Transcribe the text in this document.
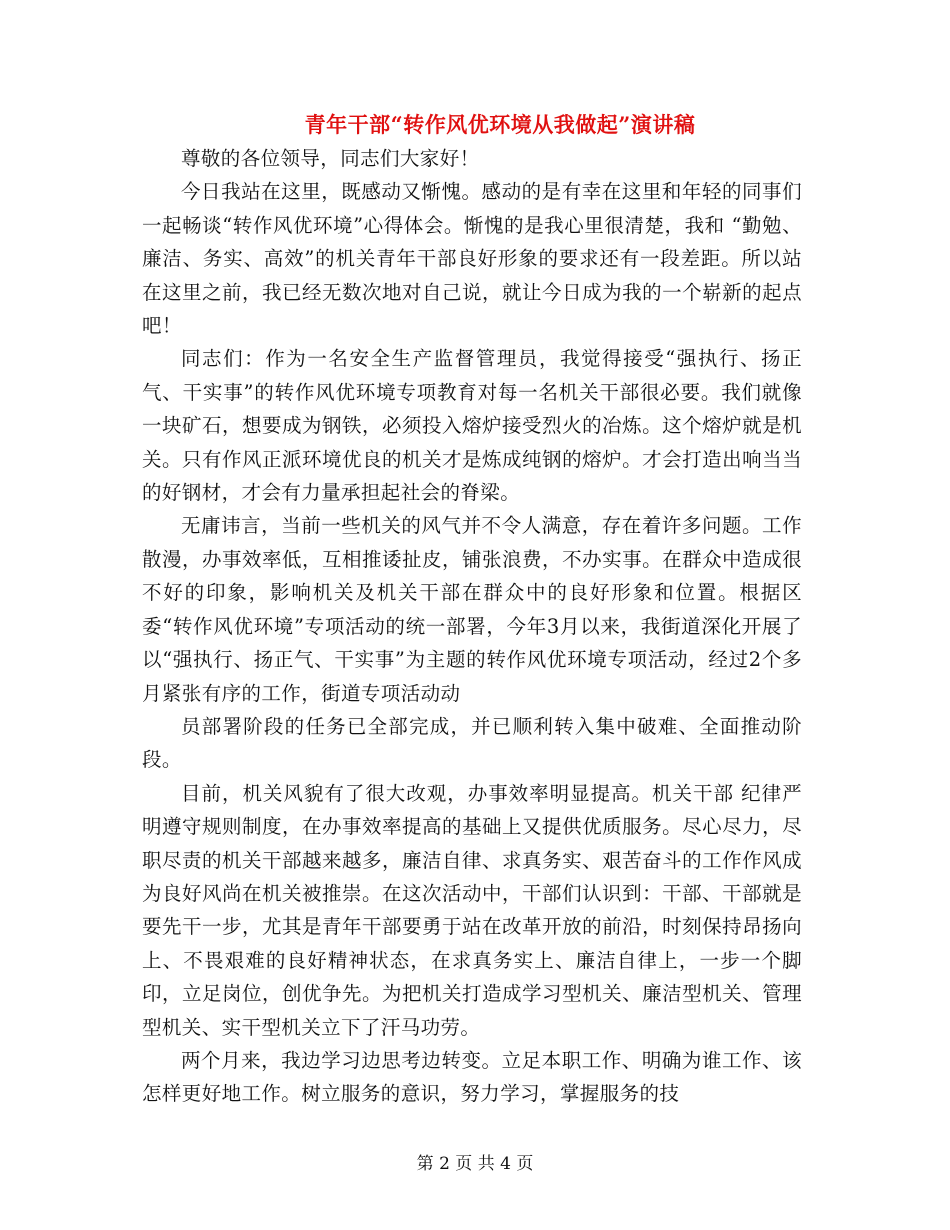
青年干部“转作风优环境从我做起”演讲稿

尊敬的各位领导，同志们大家好！

今日我站在这里，既感动又惭愧。感动的是有幸在这里和年轻的同事们一起畅谈“转作风优环境”心得体会。惭愧的是我心里很清楚，我和 “勤勉、廉洁、务实、高效”的机关青年干部良好形象的要求还有一段差距。所以站在这里之前，我已经无数次地对自己说，就让今日成为我的一个崭新的起点吧！

同志们：作为一名安全生产监督管理员，我觉得接受“强执行、扬正气、干实事”的转作风优环境专项教育对每一名机关干部很必要。我们就像一块矿石，想要成为钢铁，必须投入熔炉接受烈火的冶炼。这个熔炉就是机关。只有作风正派环境优良的机关才是炼成纯钢的熔炉。才会打造出响当当的好钢材，才会有力量承担起社会的脊梁。

无庸讳言，当前一些机关的风气并不令人满意，存在着许多问题。工作散漫，办事效率低，互相推诿扯皮，铺张浪费，不办实事。在群众中造成很不好的印象，影响机关及机关干部在群众中的良好形象和位置。根据区委“转作风优环境”专项活动的统一部署，今年3月以来，我街道深化开展了以“强执行、扬正气、干实事”为主题的转作风优环境专项活动，经过2个多月紧张有序的工作，街道专项活动动

员部署阶段的任务已全部完成，并已顺利转入集中破难、全面推动阶段。

目前，机关风貌有了很大改观，办事效率明显提高。机关干部 纪律严明遵守规则制度，在办事效率提高的基础上又提供优质服务。尽心尽力，尽职尽责的机关干部越来越多，廉洁自律、求真务实、艰苦奋斗的工作作风成为良好风尚在机关被推崇。在这次活动中，干部们认识到：干部、干部就是要先干一步，尤其是青年干部要勇于站在改革开放的前沿，时刻保持昂扬向上、不畏艰难的良好精神状态，在求真务实上、廉洁自律上，一步一个脚印，立足岗位，创优争先。为把机关打造成学习型机关、廉洁型机关、管理型机关、实干型机关立下了汗马功劳。

两个月来，我边学习边思考边转变。立足本职工作、明确为谁工作、该怎样更好地工作。树立服务的意识，努力学习，掌握服务的技

第 2 页 共 4 页
